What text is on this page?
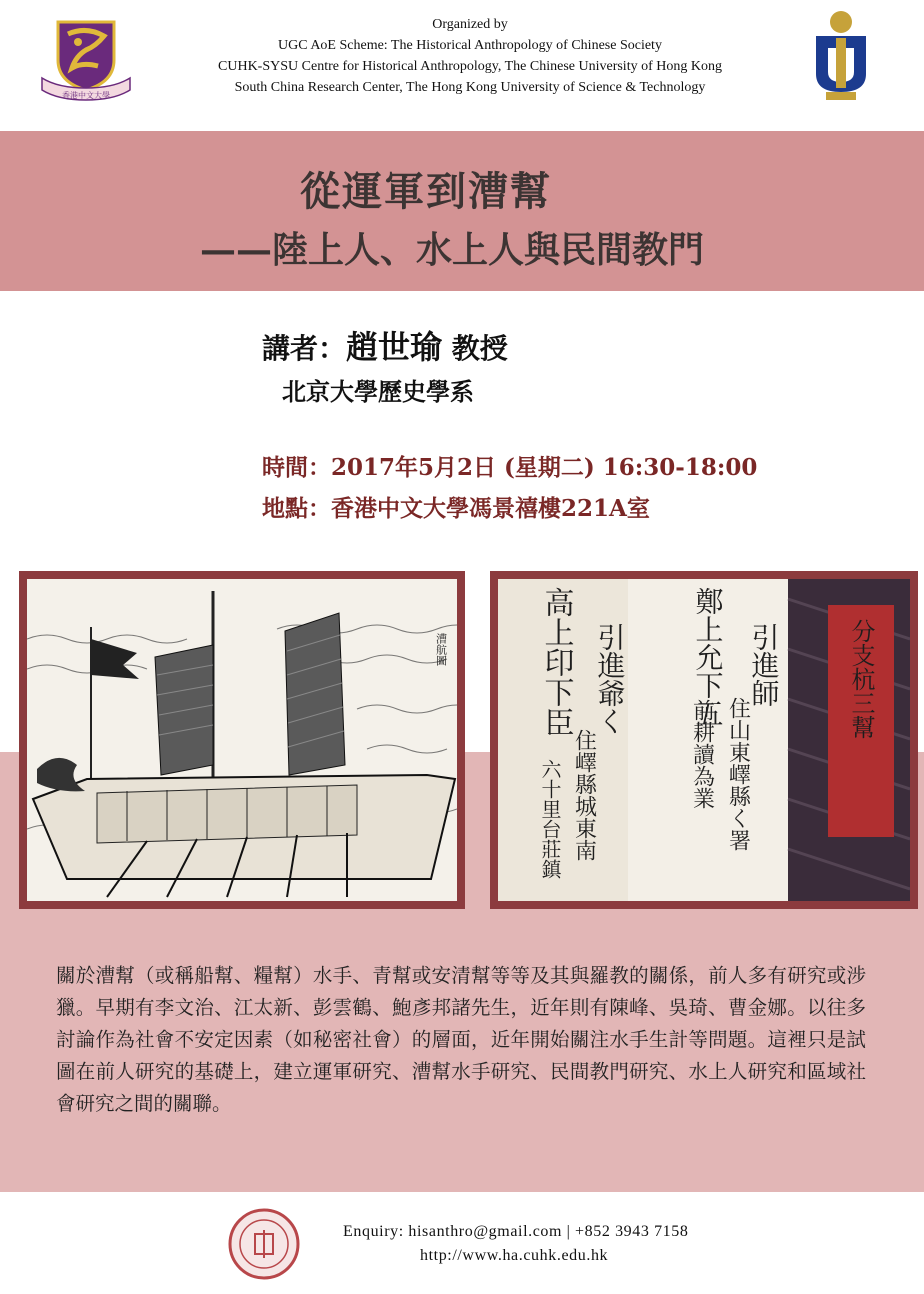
香港中文大學
Organized by
UGC AoE Scheme: The Historical Anthropology of Chinese Society
CUHK-SYSU Centre for Historical Anthropology, The Chinese University of Hong Kong
South China Research Center, The Hong Kong University of Science & Technology
從運軍到漕幫
——陸上人、水上人與民間教門
講者：趙世瑜 教授
北京大學歷史學系
時間：2017年5月2日 (星期二) 16:30-18:00
地點：香港中文大學馮景禧樓221A室
漕航圖	分支杭三幫
高上印下臣 引進爺く
住嶧縣城東南
六十里台莊鎮
鄭上允下五 引進師
住山東嶧縣く署
前耕讀為業
關於漕幫（或稱船幫、糧幫）水手、青幫或安清幫等等及其與羅教的關係，前人多有研究或涉獵。早期有李文治、江太新、彭雲鶴、鮑彥邦諸先生，近年則有陳峰、吳琦、曹金娜。以往多討論作為社會不安定因素（如秘密社會）的層面，近年開始關注水手生計等問題。這裡只是試圖在前人研究的基礎上，建立運軍研究、漕幫水手研究、民間教門研究、水上人研究和區域社會研究之間的關聯。
Enquiry: hisanthro@gmail.com | +852 3943 7158
http://www.ha.cuhk.edu.hk
